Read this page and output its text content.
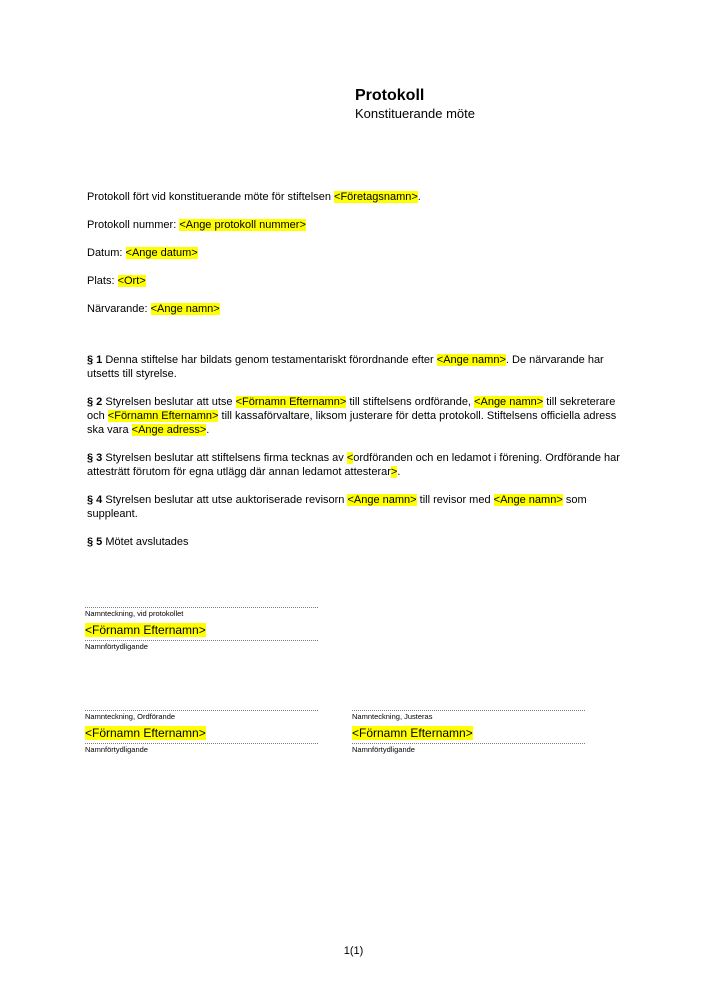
Protokoll
Konstituerande möte

Protokoll fört vid konstituerande möte för stiftelsen <Företagsnamn>.

Protokoll nummer: <Ange protokoll nummer>

Datum: <Ange datum>

Plats: <Ort>

Närvarande: <Ange namn>

§ 1 Denna stiftelse har bildats genom testamentariskt förordnande efter <Ange namn>. De närvarande har utsetts till styrelse.

§ 2 Styrelsen beslutar att utse <Förnamn Efternamn> till stiftelsens ordförande, <Ange namn> till sekreterare och <Förnamn Efternamn> till kassaförvaltare, liksom justerare för detta protokoll. Stiftelsens officiella adress ska vara <Ange adress>.

§ 3 Styrelsen beslutar att stiftelsens firma tecknas av <ordföranden och en ledamot i förening. Ordförande har attesträtt förutom för egna utlägg där annan ledamot attesterar>.

§ 4 Styrelsen beslutar att utse auktoriserade revisorn <Ange namn> till revisor med <Ange namn> som suppleant.

§ 5 Mötet avslutades

Namnteckning, vid protokollet
<Förnamn Efternamn>
Namnförtydligande
Namnteckning, Ordförande
<Förnamn Efternamn>
Namnförtydligande
Namnteckning, Justeras
<Förnamn Efternamn>
Namnförtydligande
1(1)
